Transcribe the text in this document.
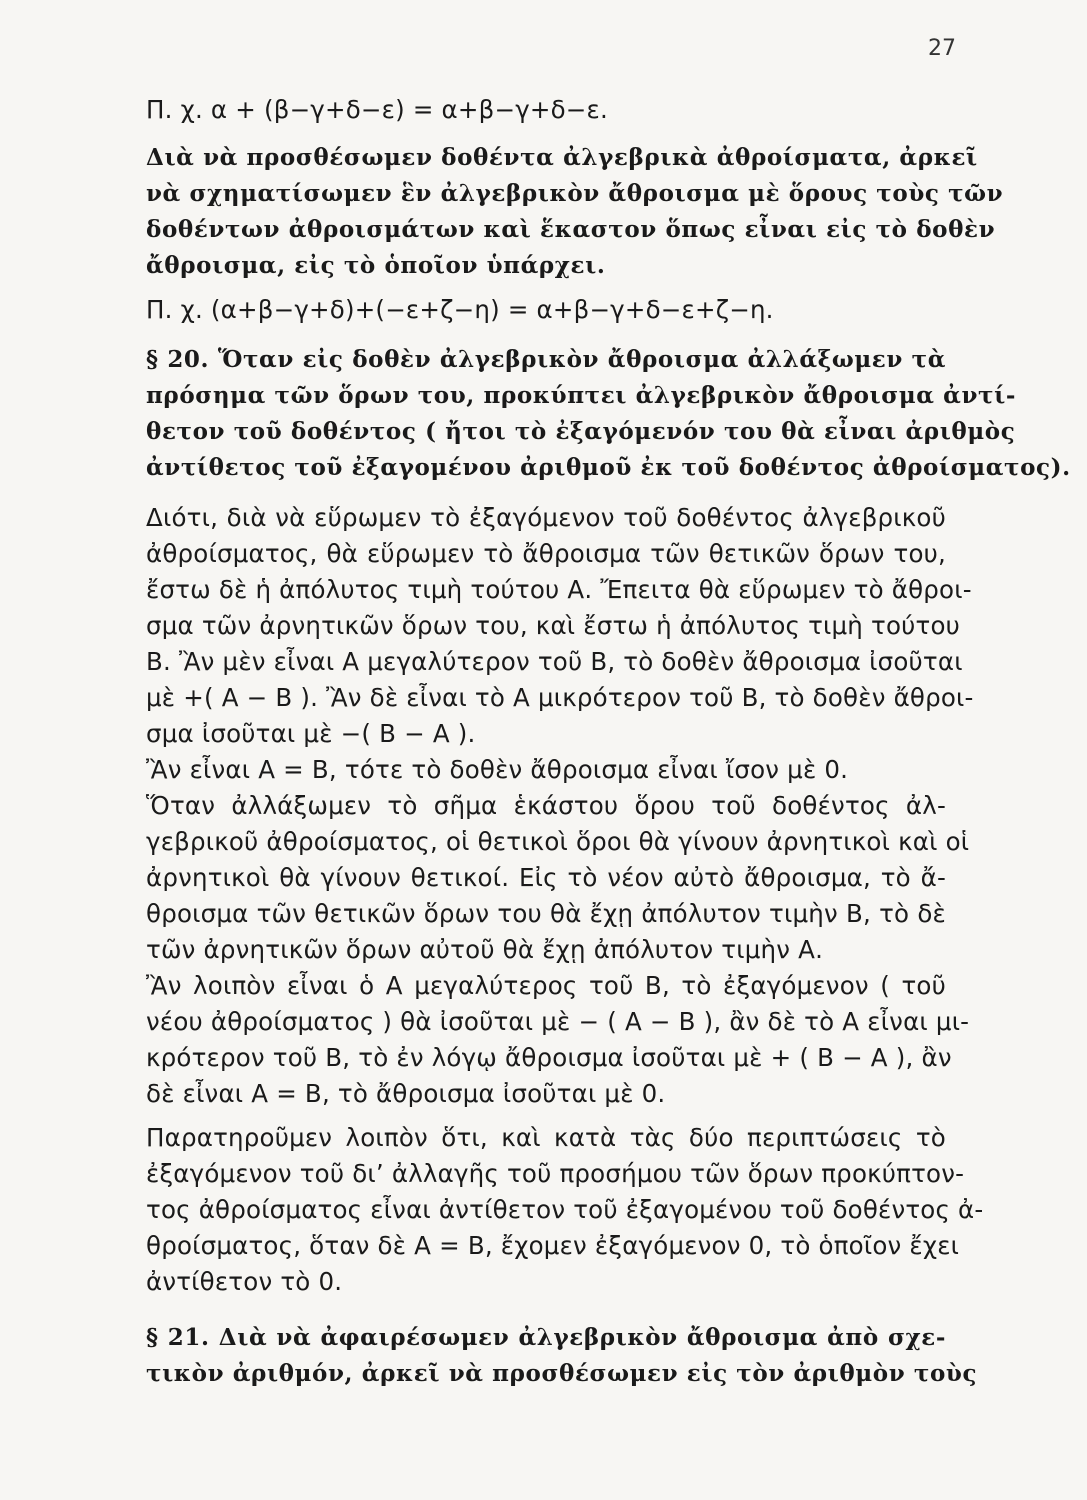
27
Π. χ. α + (β−γ+δ−ε) = α+β−γ+δ−ε.
Διὰ νὰ προσθέσωμεν δοθέντα ἀλγεβρικὰ ἀθροίσματα, ἀρκεῖ
νὰ σχηματίσωμεν ἓν ἀλγεβρικὸν ἄθροισμα μὲ ὅρους τοὺς τῶν
δοθέντων ἀθροισμάτων καὶ ἕκαστον ὅπως εἶναι εἰς τὸ δοθὲν
ἄθροισμα, εἰς τὸ ὁποῖον ὑπάρχει.
Π. χ. (α+β−γ+δ)+(−ε+ζ−η) = α+β−γ+δ−ε+ζ−η.
§ 20. Ὅταν εἰς δοθὲν ἀλγεβρικὸν ἄθροισμα ἀλλάξωμεν τὰ
πρόσημα τῶν ὅρων του, προκύπτει ἀλγεβρικὸν ἄθροισμα ἀντί-
θετον τοῦ δοθέντος ( ἤτοι τὸ ἐξαγόμενόν του θὰ εἶναι ἀριθμὸς
ἀντίθετος τοῦ ἐξαγομένου ἀριθμοῦ ἐκ τοῦ δοθέντος ἀθροίσματος).
Διότι, διὰ νὰ εὕρωμεν τὸ ἐξαγόμενον τοῦ δοθέντος ἀλγεβρικοῦ
ἀθροίσματος, θὰ εὕρωμεν τὸ ἄθροισμα τῶν θετικῶν ὅρων του,
ἔστω δὲ ἡ ἀπόλυτος τιμὴ τούτου Α. Ἔπειτα θὰ εὕρωμεν τὸ ἄθροι-
σμα τῶν ἀρνητικῶν ὅρων του, καὶ ἔστω ἡ ἀπόλυτος τιμὴ τούτου
Β. Ἂν μὲν εἶναι Α μεγαλύτερον τοῦ Β, τὸ δοθὲν ἄθροισμα ἰσοῦται
μὲ +( Α − Β ). Ἂν δὲ εἶναι τὸ Α μικρότερον τοῦ Β, τὸ δοθὲν ἄθροι-
σμα ἰσοῦται μὲ −( Β − Α ).
Ἂν εἶναι Α = Β, τότε τὸ δοθὲν ἄθροισμα εἶναι ἴσον μὲ 0.
Ὅταν ἀλλάξωμεν τὸ σῆμα ἑκάστου ὅρου τοῦ δοθέντος ἀλ-
γεβρικοῦ ἀθροίσματος, οἱ θετικοὶ ὅροι θὰ γίνουν ἀρνητικοὶ καὶ οἱ
ἀρνητικοὶ θὰ γίνουν θετικοί. Εἰς τὸ νέον αὐτὸ ἄθροισμα, τὸ ἄ-
θροισμα τῶν θετικῶν ὅρων του θὰ ἔχῃ ἀπόλυτον τιμὴν Β, τὸ δὲ
τῶν ἀρνητικῶν ὅρων αὐτοῦ θὰ ἔχῃ ἀπόλυτον τιμὴν Α.
Ἂν λοιπὸν εἶναι ὁ Α μεγαλύτερος τοῦ Β, τὸ ἐξαγόμενον ( τοῦ
νέου ἀθροίσματος ) θὰ ἰσοῦται μὲ − ( Α − Β ), ἂν δὲ τὸ Α εἶναι μι-
κρότερον τοῦ Β, τὸ ἐν λόγῳ ἄθροισμα ἰσοῦται μὲ + ( Β − Α ), ἂν
δὲ εἶναι Α = Β, τὸ ἄθροισμα ἰσοῦται μὲ 0.
Παρατηροῦμεν λοιπὸν ὅτι, καὶ κατὰ τὰς δύο περιπτώσεις τὸ
ἐξαγόμενον τοῦ δι’ ἀλλαγῆς τοῦ προσήμου τῶν ὅρων προκύπτον-
τος ἀθροίσματος εἶναι ἀντίθετον τοῦ ἐξαγομένου τοῦ δοθέντος ἀ-
θροίσματος, ὅταν δὲ Α = Β, ἔχομεν ἐξαγόμενον 0, τὸ ὁποῖον ἔχει
ἀντίθετον τὸ 0.
§ 21. Διὰ νὰ ἀφαιρέσωμεν ἀλγεβρικὸν ἄθροισμα ἀπὸ σχε-
τικὸν ἀριθμόν, ἀρκεῖ νὰ προσθέσωμεν εἰς τὸν ἀριθμὸν τοὺς
